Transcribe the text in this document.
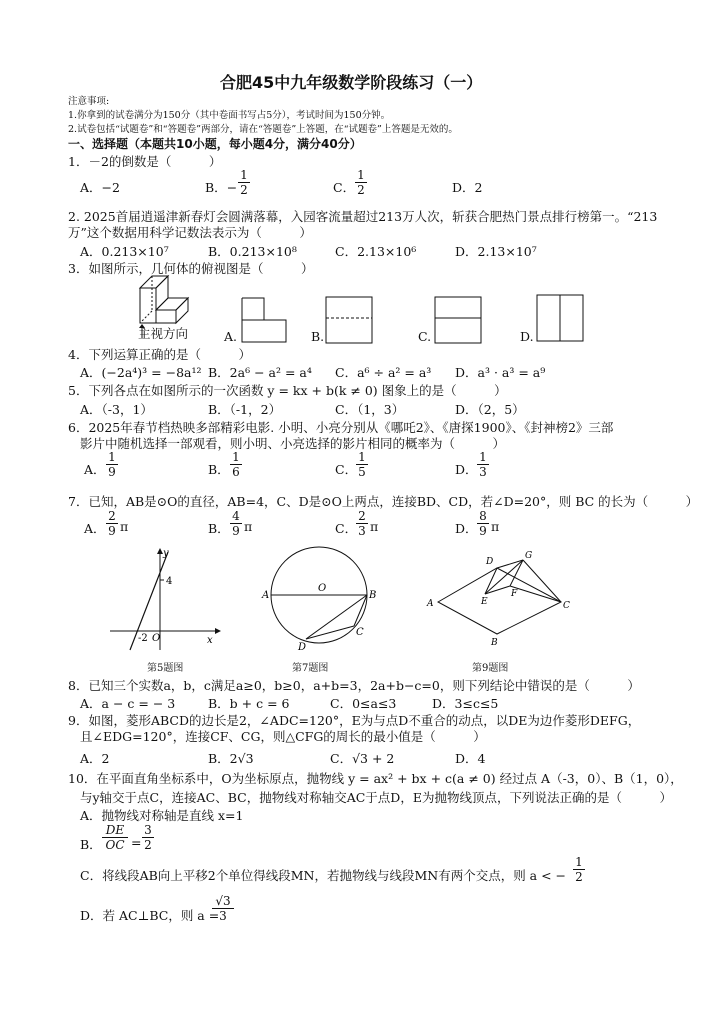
合肥45中九年级数学阶段练习（一）
注意事项:
1.你拿到的试卷满分为150分（其中卷面书写占5分），考试时间为150分钟。
2.试卷包括“试题卷”和“答题卷”两部分，请在“答题卷”上答题，在“试题卷”上答题是无效的。
一、选择题（本题共10小题，每小题4分，满分40分）
1．－2的倒数是（　　　）
A．−2	B．− $\frac{1}{2}$	C． $\frac{1}{2}$	D．2
2. 2025首届逍遥津新春灯会圆满落幕，入园客流量超过213万人次，斩获合肥热门景点排行榜第一。“213
万”这个数据用科学记数法表示为（　　　）
A．0.213×10⁷	B．0.213×10⁸	C．2.13×10⁶	D．2.13×10⁷
3．如图所示，几何体的俯视图是（　　　）
主视方向	A.	B.	C.	D.
4．下列运算正确的是（　　　）
A．(−2a⁴)³ = −8a¹² B．2a⁶ − a² = a⁴ C．a⁶ ÷ a² = a³ D．a³ · a³ = a⁹
5．下列各点在如图所示的一次函数 y = kx + b(k ≠ 0) 图象上的是（　　　）
A．（-3，1）	B．（-1，2）	C．（1，3）	D．（2，5）
6．2025年春节档热映多部精彩电影. 小明、小亮分别从《哪吒2》、《唐探1900》、《封神榜2》三部
影片中随机选择一部观看，则小明、小亮选择的影片相同的概率为（　　　）
A． $\frac{1}{9}$	B． $\frac{1}{6}$	C．
$\frac{1}{5}$	D． $\frac{1}{3}$
7．已知，AB是⊙O的直径，AB=4，C、D是⊙O上两点，连接BD、CD，若∠D=20°，则 BC 的长为（　　　）
A． $\frac{2}{9}$ π	B． $\frac{4}{9}$ π	C．
$\frac{2}{3}$ π	D． $\frac{8}{9}$ π
y
x
4
-2 O
第5题图
A	B
C
D
O
第7题图
A
B
C
D
E
F
G
第9题图
8．已知三个实数a，b，c满足a≥0，b≥0，a+b=3，2a+b−c=0，则下列结论中错误的是（　　　）
A．a − c = − 3	B．b + c = 6	C．0≤a≤3	D．3≤c≤5
9．如图，菱形ABCD的边长是2，∠ADC=120°，E为与点D不重合的动点，以DE为边作菱形DEFG，
且∠EDG=120°，连接CF、CG，则△CFG的周长的最小值是（　　　）
A．2	B．2√3	C．√3 + 2	D．4
10．在平面直角坐标系中，O为坐标原点，抛物线 y = ax² + bx + c(a ≠ 0) 经过点 A（-3，0）、B（1，0），
与y轴交于点C，连接AC、BC，抛物线对称轴交AC于点D，E为抛物线顶点，下列说法正确的是（　　　）
A．抛物线对称轴是直线 x=1
B． $\frac{DE}{OC} = \frac{3}{2}$
C．将线段AB向上平移2个单位得线段MN，若抛物线与线段MN有两个交点，则 a < − $\frac{1}{2}$
D．若 AC⊥BC，则 a =
$\frac{√3}{3}$
